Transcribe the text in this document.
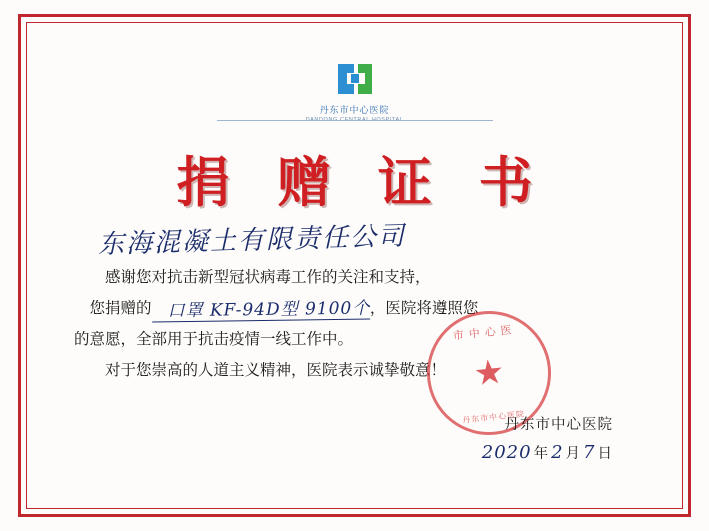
丹东市中心医院
捐 赠 证 书
东海混凝土有限责任公司

感谢您对抗击新型冠状病毒工作的关注和支持，

您捐赠的 口罩 KF-94D型 9100个，医院将遵照您

的意愿，全部用于抗击疫情一线工作中。

对于您崇高的人道主义精神，医院表示诚挚敬意！

市中心医
★
丹东市中心医院
丹东市中心医院
2020 年 2 月 7 日
